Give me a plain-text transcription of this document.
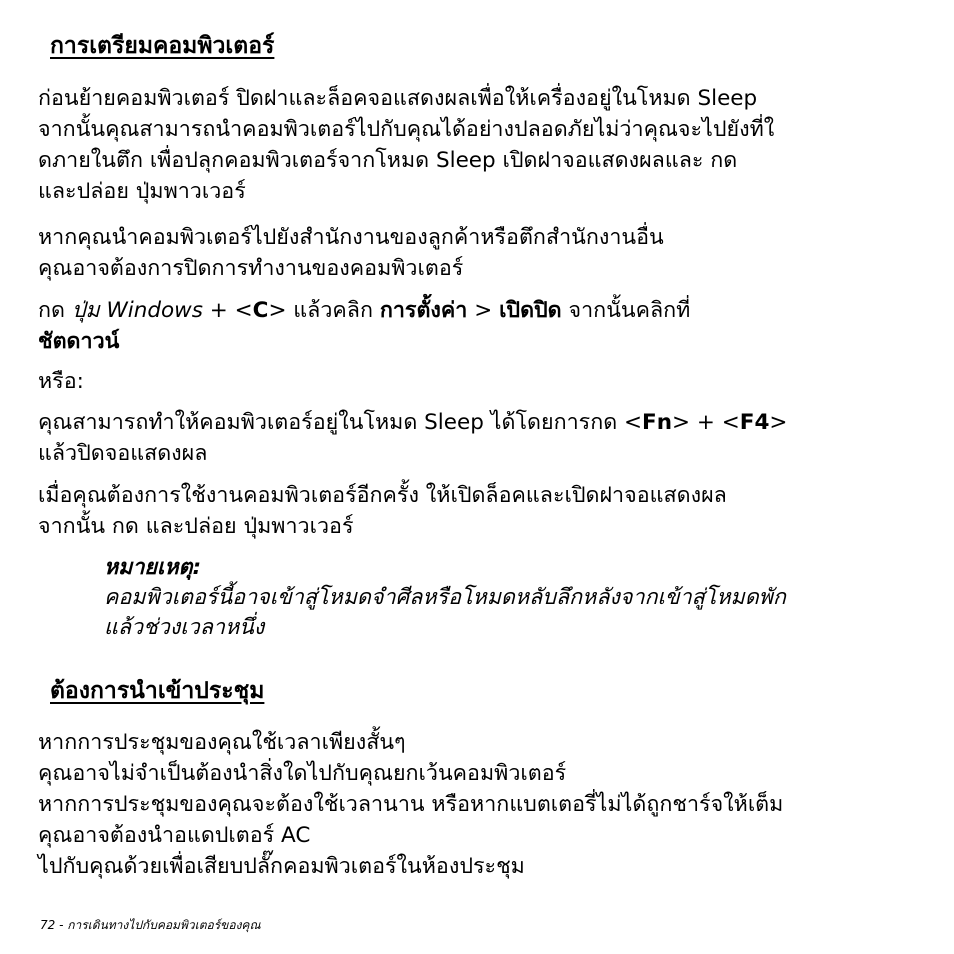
การเตรียมคอมพิวเตอร์

ก่อนย้ายคอมพิวเตอร์ ปิดฝาและล็อคจอแสดงผลเพื่อให้เครื่องอยู่ในโหมด Sleep
จากนั้นคุณสามารถนำคอมพิวเตอร์ไปกับคุณได้อย่างปลอดภัยไม่ว่าคุณจะไปยังที่ใ
ดภายในตึก เพื่อปลุกคอมพิวเตอร์จากโหมด Sleep เปิดฝาจอแสดงผลและ กด
และปล่อย ปุ่มพาวเวอร์

หากคุณนำคอมพิวเตอร์ไปยังสำนักงานของลูกค้าหรือตึกสำนักงานอื่น
คุณอาจต้องการปิดการทำงานของคอมพิวเตอร์

กด ปุ่ม Windows + <C> แล้วคลิก การตั้งค่า > เปิดปิด จากนั้นคลิกที่
ชัตดาวน์

หรือ:

คุณสามารถทำให้คอมพิวเตอร์อยู่ในโหมด Sleep ได้โดยการกด <Fn> + <F4>
แล้วปิดจอแสดงผล

เมื่อคุณต้องการใช้งานคอมพิวเตอร์อีกครั้ง ให้เปิดล็อคและเปิดฝาจอแสดงผล
จากนั้น กด และปล่อย ปุ่มพาวเวอร์

หมายเหตุ:
คอมพิวเตอร์นี้อาจเข้าสู่โหมดจำศีลหรือโหมดหลับลึกหลังจากเข้าสู่โหมดพัก
แล้วช่วงเวลาหนึ่ง
ต้องการนำเข้าประชุม

หากการประชุมของคุณใช้เวลาเพียงสั้นๆ
คุณอาจไม่จำเป็นต้องนำสิ่งใดไปกับคุณยกเว้นคอมพิวเตอร์
หากการประชุมของคุณจะต้องใช้เวลานาน หรือหากแบตเตอรี่ไม่ได้ถูกชาร์จให้เต็ม
คุณอาจต้องนำอแดปเตอร์ AC
ไปกับคุณด้วยเพื่อเสียบปลั๊กคอมพิวเตอร์ในห้องประชุม

72 - การเดินทางไปกับคอมพิวเตอร์ของคุณ
